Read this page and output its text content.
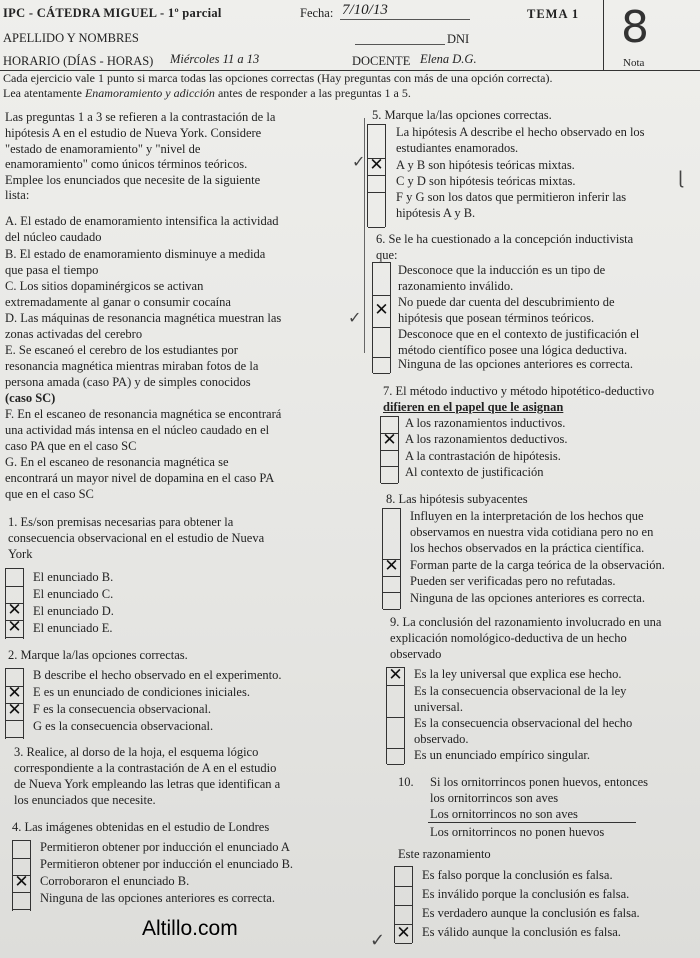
IPC - CÁTEDRA MIGUEL - 1º parcial	Fecha: 7/10/13	TEMA 1
APELLIDO Y NOMBRES	DNI
HORARIO (DÍAS - HORAS) Miércoles 11 a 13	DOCENTE Elena D.G.
8
Nota
Cada ejercicio vale 1 punto si marca todas las opciones correctas (Hay preguntas con más de una opción correcta).
Lea atentamente Enamoramiento y adicción antes de responder a las preguntas 1 a 5.
Las preguntas 1 a 3 se refieren a la contrastación de la
hipótesis A en el estudio de Nueva York. Considere
"estado de enamoramiento" y "nivel de
enamoramiento" como únicos términos teóricos.
Emplee los enunciados que necesite de la siguiente
lista:
A. El estado de enamoramiento intensifica la actividad
del núcleo caudado
B. El estado de enamoramiento disminuye a medida
que pasa el tiempo
C. Los sitios dopaminérgicos se activan
extremadamente al ganar o consumir cocaína
D. Las máquinas de resonancia magnética muestran las
zonas activadas del cerebro
E. Se escaneó el cerebro de los estudiantes por
resonancia magnética mientras miraban fotos de la
persona amada (caso PA) y de simples conocidos
(caso SC)
F. En el escaneo de resonancia magnética se encontrará
una actividad más intensa en el núcleo caudado en el
caso PA que en el caso SC
G. En el escaneo de resonancia magnética se
encontrará un mayor nivel de dopamina en el caso PA
que en el caso SC
1. Es/son premisas necesarias para obtener la
consecuencia observacional en el estudio de Nueva
York
✕
✕
El enunciado B.
El enunciado C.
El enunciado D.
El enunciado E.
2. Marque la/las opciones correctas.
✕
✕
B describe el hecho observado en el experimento.
E es un enunciado de condiciones iniciales.
F es la consecuencia observacional.
G es la consecuencia observacional.
3. Realice, al dorso de la hoja, el esquema lógico
correspondiente a la contrastación de A en el estudio
de Nueva York empleando las letras que identifican a
los enunciados que necesite.
4. Las imágenes obtenidas en el estudio de Londres
✕
Permitieron obtener por inducción el enunciado A
Permitieron obtener por inducción el enunciado B.
Corroboraron el enunciado B.
Ninguna de las opciones anteriores es correcta.
5. Marque la/las opciones correctas.
✕
La hipótesis A describe el hecho observado en los
estudiantes enamorados.
A y B son hipótesis teóricas mixtas.
C y D son hipótesis teóricas mixtas.
F y G son los datos que permitieron inferir las
hipótesis A y B.
6. Se le ha cuestionado a la concepción inductivista
que:
✕
Desconoce que la inducción es un tipo de
razonamiento inválido.
No puede dar cuenta del descubrimiento de
hipótesis que posean términos teóricos.
Desconoce que en el contexto de justificación el
método científico posee una lógica deductiva.
Ninguna de las opciones anteriores es correcta.
7. El método inductivo y método hipotético-deductivo
difieren en el papel que le asignan
✕
A los razonamientos inductivos.
A los razonamientos deductivos.
A la contrastación de hipótesis.
Al contexto de justificación
8. Las hipótesis subyacentes
✕
Influyen en la interpretación de los hechos que
observamos en nuestra vida cotidiana pero no en
los hechos observados en la práctica científica.
Forman parte de la carga teórica de la observación.
Pueden ser verificadas pero no refutadas.
Ninguna de las opciones anteriores es correcta.
9. La conclusión del razonamiento involucrado en una
explicación nomológico-deductiva de un hecho
observado
✕ Es la ley universal que explica ese hecho.
Es la consecuencia observacional de la ley
universal.
Es la consecuencia observacional del hecho
observado.
Es un enunciado empírico singular.
10. Si los ornitorrincos ponen huevos, entonces
los ornitorrincos son aves
Los ornitorrincos no son aves
Los ornitorrincos no ponen huevos
Este razonamiento
✕
Es falso porque la conclusión es falsa.
Es inválido porque la conclusión es falsa.
Es verdadero aunque la conclusión es falsa.
Es válido aunque la conclusión es falsa.
✓
✓
✓
ɭ
Altillo.com
